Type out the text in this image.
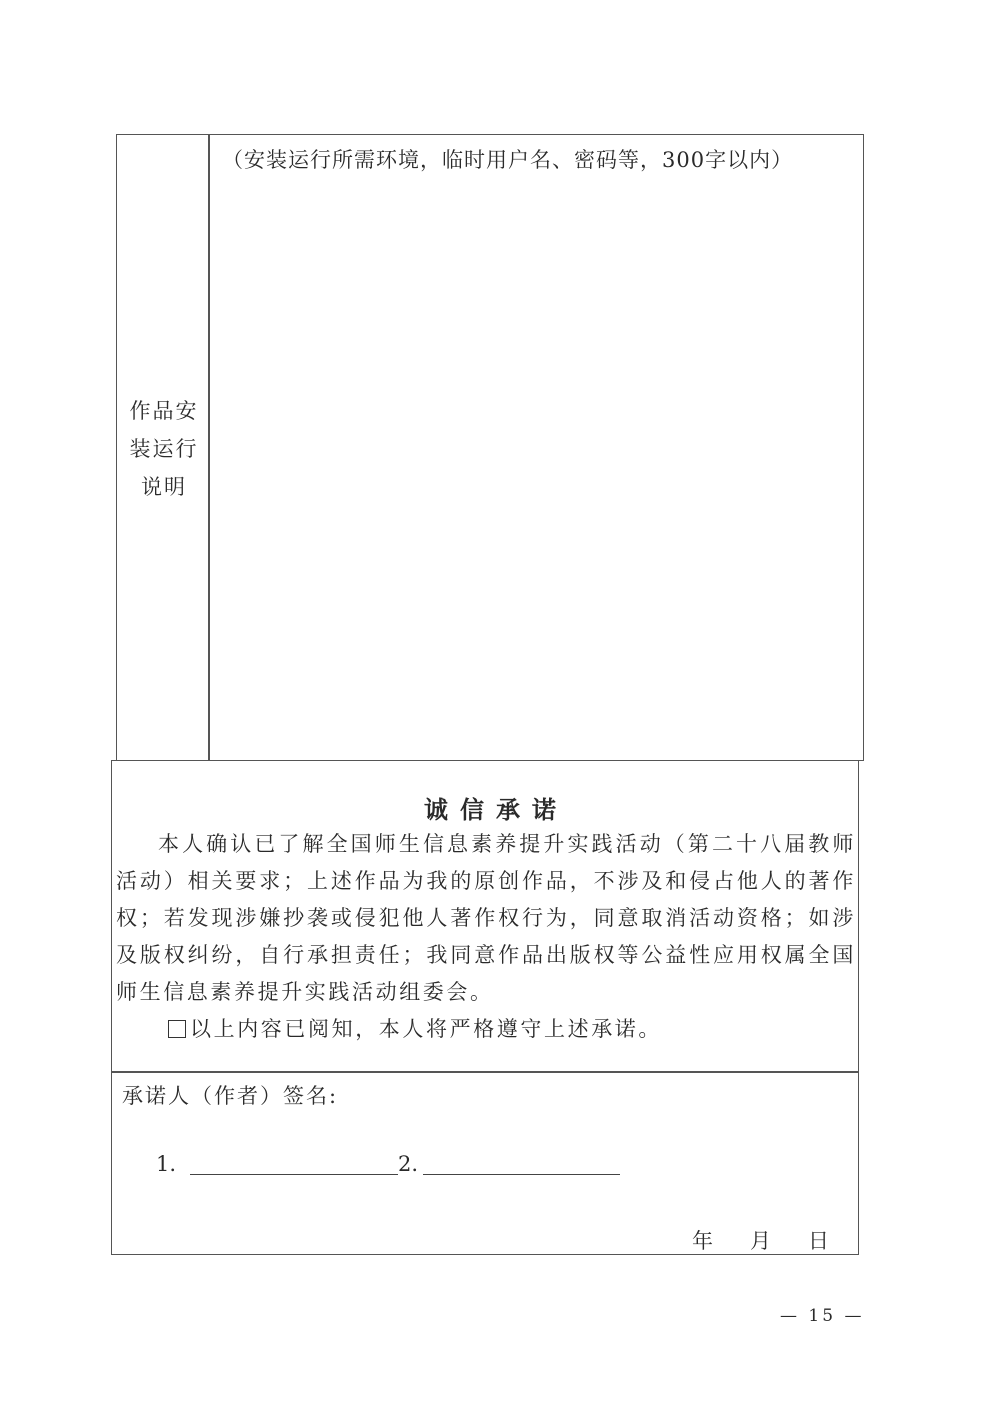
作品安
装运行
说明
（安装运行所需环境，临时用户名、密码等，300字以内）
诚信承诺
本人确认已了解全国师生信息素养提升实践活动（第二十八届教师活动）相关要求；上述作品为我的原创作品，不涉及和侵占他人的著作权；若发现涉嫌抄袭或侵犯他人著作权行为，同意取消活动资格；如涉及版权纠纷，自行承担责任；我同意作品出版权等公益性应用权属全国师生信息素养提升实践活动组委会。
以上内容已阅知，本人将严格遵守上述承诺。
承诺人（作者）签名:
1.	2.
年 月 日
— 15 —
